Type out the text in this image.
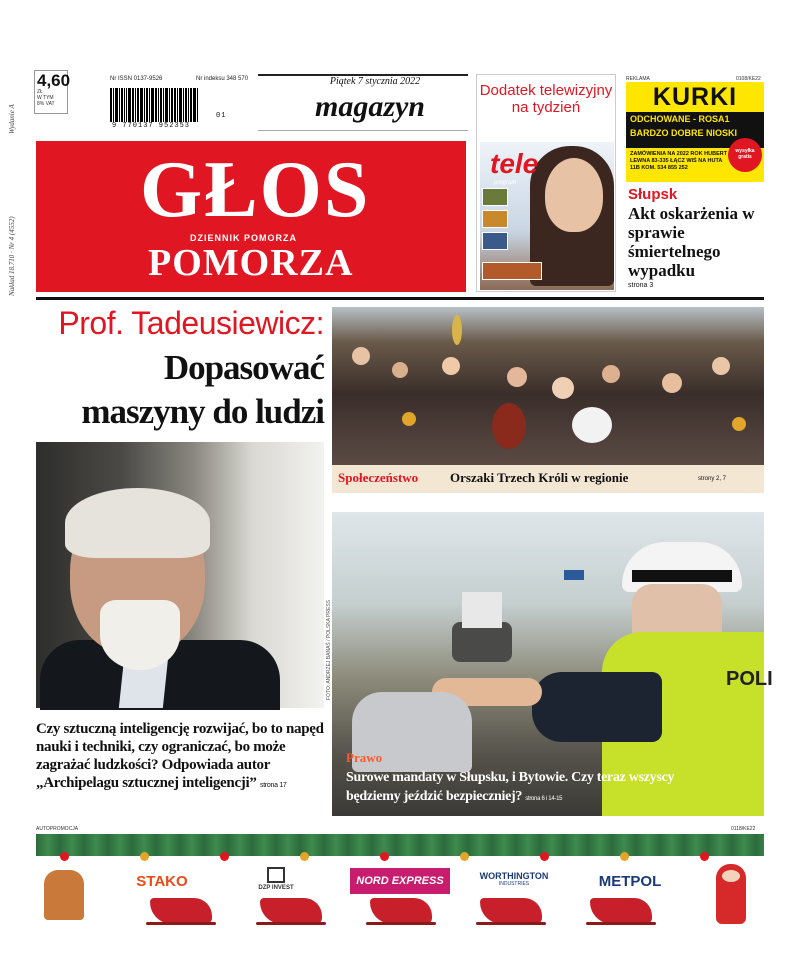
Wydanie A
Nakład 18.710 · Nr 4 (4552)
4,60
ZŁ
W TYM
8% VAT
Nr ISSN 0137-9526	Nr indeksu 348 570
9 770137 952353
01
Piątek 7 stycznia 2022
magazyn
GŁOS
DZIENNIK POMORZA
POMORZA
Dodatek telewizyjny na tydzień
tele
program
REKLAMA	0108/KE22
KURKI
ODCHOWANE - ROSA1
BARDZO DOBRE NIOSKI
ZAMÓWIENIA NA 2022 ROK HUBERT LEWNA 83-335 ŁĄCZ WIŚ NA HUTA 11B KOM. 534 855 252
wysyłka gratis
Słupsk
Akt oskarżenia w sprawie śmiertelnego wypadku
strona 3
Prof. Tadeusiewicz:
Dopasować maszyny do ludzi
FOTO: ANDRZEJ BANAŚ / POLSKA PRESS
Czy sztuczną inteligencję rozwijać, bo to napęd nauki i techniki, czy ograniczać, bo może zagrażać ludzkości? Odpowiada autor „Archipelagu sztucznej inteligencji” strona 17
Społeczeństwo Orszaki Trzech Króli w regionie	strony 2, 7
POLI
Prawo
Surowe mandaty w Słupsku, i Bytowie. Czy teraz wszyscy będziemy jeździć bezpieczniej? strona 6 i 14-15
AUTOPROMOCJA	0118/KE22
STAKO	DZP INVEST
NORD EXPRESS	WORTHINGTON
INDUSTRIES	METPOL
